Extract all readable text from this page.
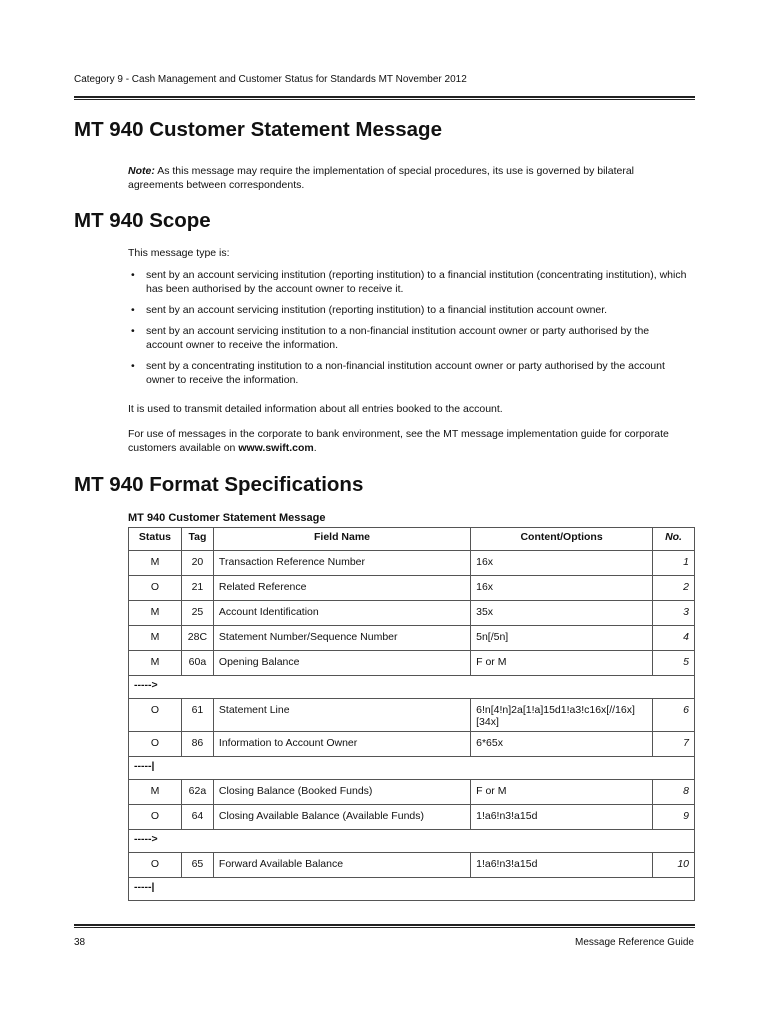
Category 9 - Cash Management and Customer Status for Standards MT November 2012
MT 940 Customer Statement Message
Note: As this message may require the implementation of special procedures, its use is governed by bilateral agreements between correspondents.
MT 940 Scope

This message type is:

• sent by an account servicing institution (reporting institution) to a financial institution (concentrating institution), which has been authorised by the account owner to receive it.
• sent by an account servicing institution (reporting institution) to a financial institution account owner.
• sent by an account servicing institution to a non-financial institution account owner or party authorised by the account owner to receive the information.
• sent by a concentrating institution to a non-financial institution account owner or party authorised by the account owner to receive the information.

It is used to transmit detailed information about all entries booked to the account.

For use of messages in the corporate to bank environment, see the MT message implementation guide for corporate customers available on www.swift.com.

MT 940 Format Specifications
MT 940 Customer Statement Message
Status	Tag	Field Name	Content/Options	No.
M	20	Transaction Reference Number	16x	1
O	21	Related Reference	16x	2
M	25	Account Identification	35x	3
M	28C	Statement Number/Sequence Number	5n[/5n]	4
M	60a	Opening Balance	F or M	5
----->				
O	61	Statement Line	6!n[4!n]2a[1!a]15d1!a3!c16x[//16x] [34x]	6
O	86	Information to Account Owner	6*65x	7
-----|				
M	62a	Closing Balance (Booked Funds)	F or M	8
O	64	Closing Available Balance (Available Funds)	1!a6!n3!a15d	9
----->				
O	65	Forward Available Balance	1!a6!n3!a15d	10
-----|				
38	Message Reference Guide
